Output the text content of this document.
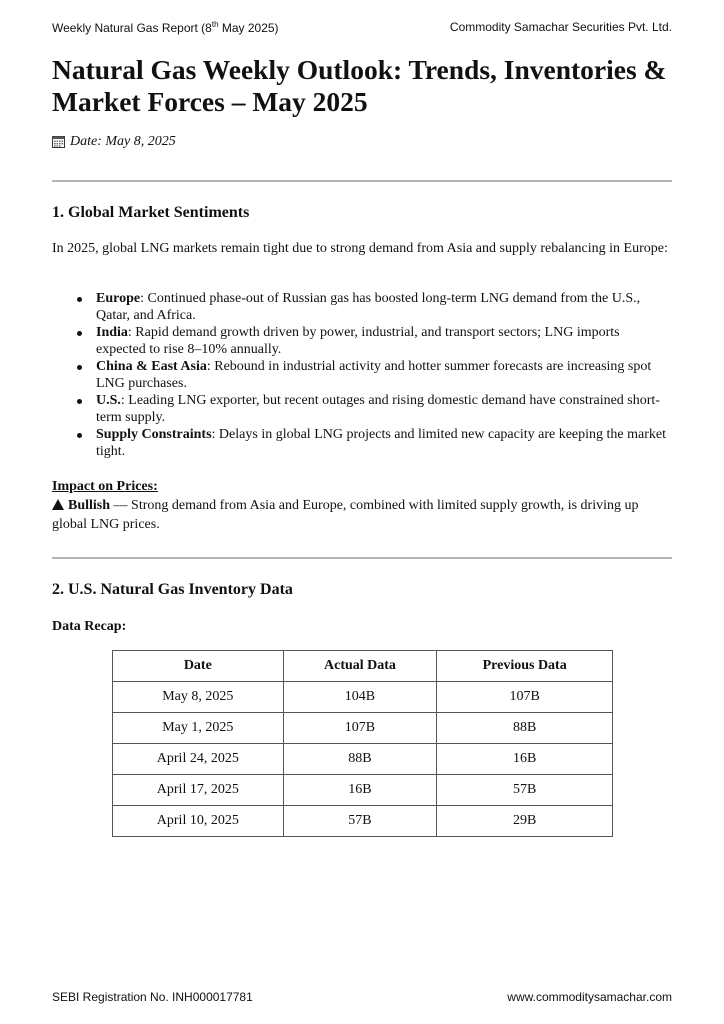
Weekly Natural Gas Report (8th May 2025)	Commodity Samachar Securities Pvt. Ltd.
Natural Gas Weekly Outlook: Trends, Inventories & Market Forces – May 2025
Date: May 8, 2025
1. Global Market Sentiments

In 2025, global LNG markets remain tight due to strong demand from Asia and supply rebalancing in Europe:

Europe: Continued phase-out of Russian gas has boosted long-term LNG demand from the U.S., Qatar, and Africa.
India: Rapid demand growth driven by power, industrial, and transport sectors; LNG imports expected to rise 8–10% annually.
China & East Asia: Rebound in industrial activity and hotter summer forecasts are increasing spot LNG purchases.
U.S.: Leading LNG exporter, but recent outages and rising domestic demand have constrained short-term supply.
Supply Constraints: Delays in global LNG projects and limited new capacity are keeping the market tight.
Impact on Prices:

Bullish — Strong demand from Asia and Europe, combined with limited supply growth, is driving up global LNG prices.

2. U.S. Natural Gas Inventory Data
Data Recap:
Date	Actual Data	Previous Data
May 8, 2025	104B	107B
May 1, 2025	107B	88B
April 24, 2025	88B	16B
April 17, 2025	16B	57B
April 10, 2025	57B	29B
SEBI Registration No. INH000017781	www.commoditysamachar.com
